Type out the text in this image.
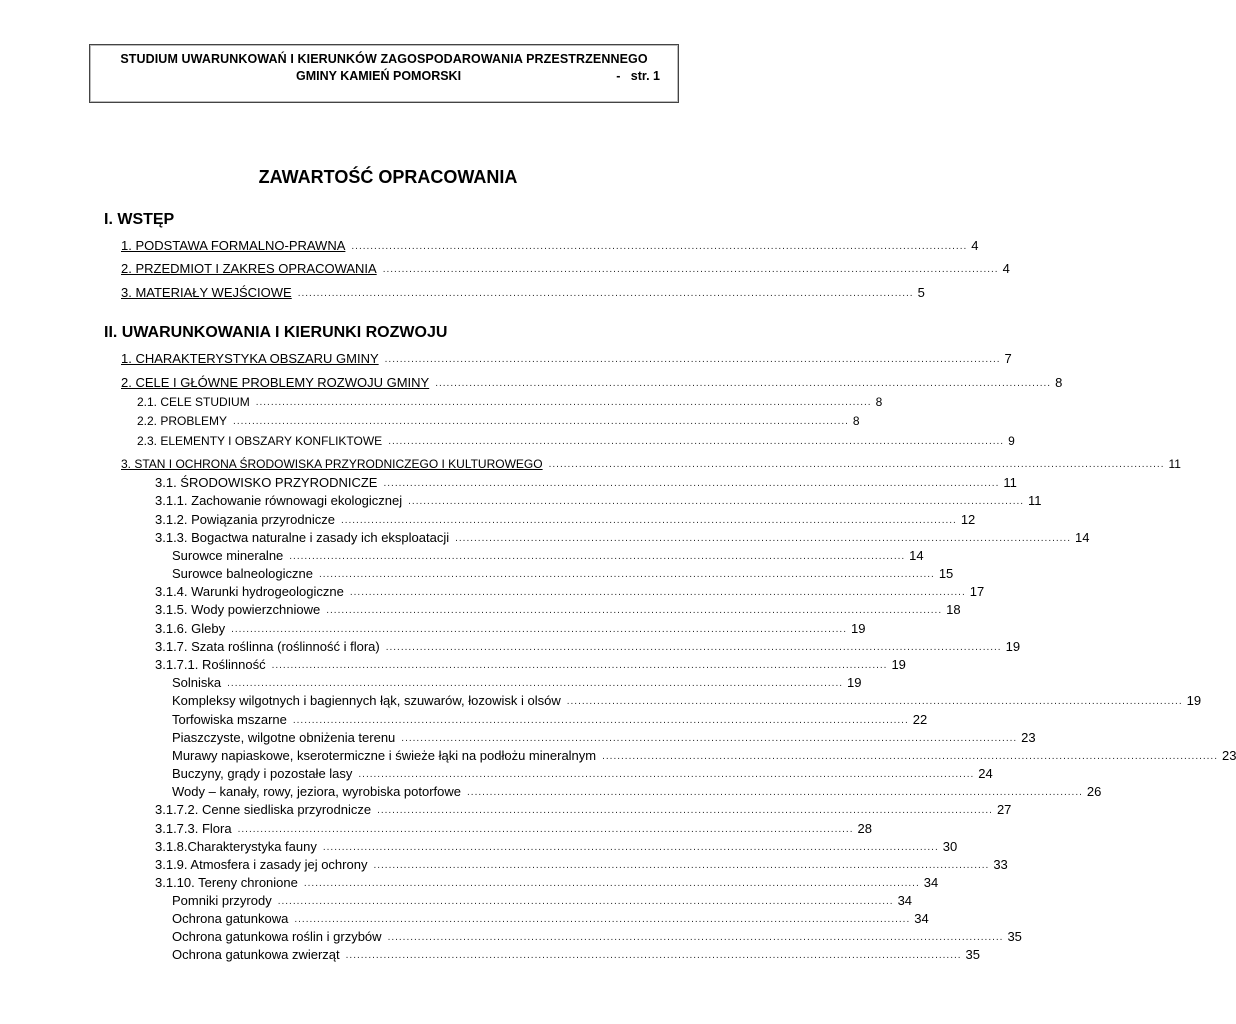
STUDIUM UWARUNKOWAŃ I KIERUNKÓW ZAGOSPODAROWANIA PRZESTRZENNEGO
GMINY KAMIEŃ POMORSKI	-   str. 1
ZAWARTOŚĆ OPRACOWANIA
I. WSTĘP
II. UWARUNKOWANIA I KIERUNKI ROZWOJU
1. PODSTAWA FORMALNO-PRAWNA ................................................................................................................................................................... 4
2. PRZEDMIOT I ZAKRES OPRACOWANIA ................................................................................................................................................................... 4
3. MATERIAŁY WEJŚCIOWE ................................................................................................................................................................... 5
1. CHARAKTERYSTYKA OBSZARU GMINY ................................................................................................................................................................... 7
2. CELE I GŁÓWNE PROBLEMY ROZWOJU GMINY ................................................................................................................................................................... 8
2.1. CELE STUDIUM ................................................................................................................................................................... 8
2.2. PROBLEMY ................................................................................................................................................................... 8
2.3. ELEMENTY I OBSZARY KONFLIKTOWE ................................................................................................................................................................... 9
3. STAN I OCHRONA ŚRODOWISKA PRZYRODNICZEGO I KULTUROWEGO ................................................................................................................................................................... 11
3.1. ŚRODOWISKO PRZYRODNICZE ................................................................................................................................................................... 11
3.1.1. Zachowanie równowagi ekologicznej ................................................................................................................................................................... 11
3.1.2. Powiązania przyrodnicze ................................................................................................................................................................... 12
3.1.3. Bogactwa naturalne i zasady ich eksploatacji ................................................................................................................................................................... 14
Surowce mineralne ................................................................................................................................................................... 14
Surowce balneologiczne ................................................................................................................................................................... 15
3.1.4. Warunki hydrogeologiczne ................................................................................................................................................................... 17
3.1.5. Wody powierzchniowe ................................................................................................................................................................... 18
3.1.6. Gleby ................................................................................................................................................................... 19
3.1.7. Szata roślinna (roślinność i flora) ................................................................................................................................................................... 19
3.1.7.1. Roślinność ................................................................................................................................................................... 19
Solniska ................................................................................................................................................................... 19
Kompleksy wilgotnych i bagiennych łąk, szuwarów, łozowisk i olsów ................................................................................................................................................................... 19
Torfowiska mszarne ................................................................................................................................................................... 22
Piaszczyste, wilgotne obniżenia terenu ................................................................................................................................................................... 23
Murawy napiaskowe, kserotermiczne i świeże łąki na podłożu mineralnym ................................................................................................................................................................... 23
Buczyny, grądy i pozostałe lasy ................................................................................................................................................................... 24
Wody – kanały, rowy, jeziora, wyrobiska potorfowe ................................................................................................................................................................... 26
3.1.7.2. Cenne siedliska przyrodnicze ................................................................................................................................................................... 27
3.1.7.3. Flora ................................................................................................................................................................... 28
3.1.8.Charakterystyka fauny ................................................................................................................................................................... 30
3.1.9. Atmosfera i zasady jej ochrony ................................................................................................................................................................... 33
3.1.10. Tereny chronione ................................................................................................................................................................... 34
Pomniki przyrody ................................................................................................................................................................... 34
Ochrona gatunkowa ................................................................................................................................................................... 34
Ochrona gatunkowa roślin i grzybów ................................................................................................................................................................... 35
Ochrona gatunkowa zwierząt ................................................................................................................................................................... 35
